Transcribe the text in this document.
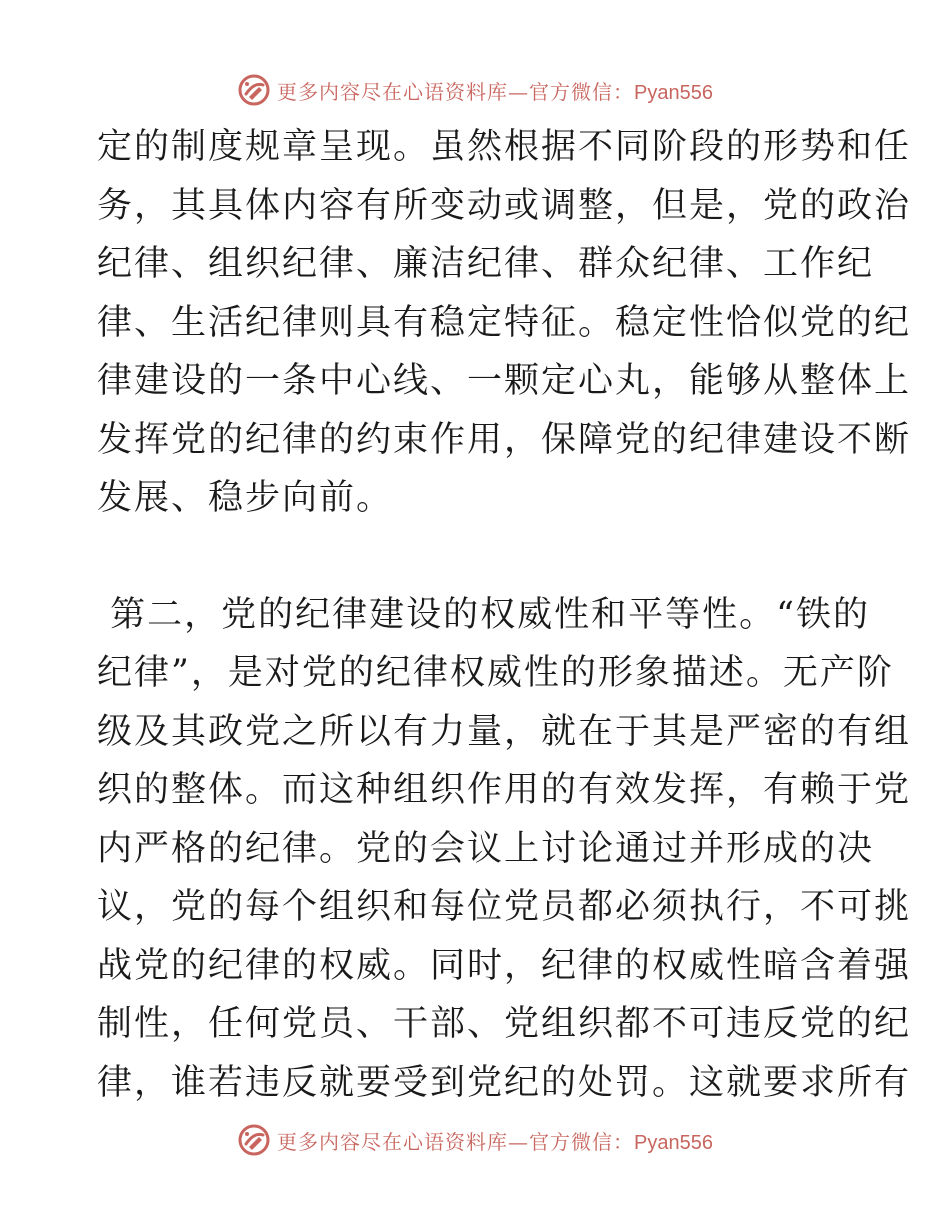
更多内容尽在心语资料库—官方微信：Pyan556
定的制度规章呈现。虽然根据不同阶段的形势和任
务，其具体内容有所变动或调整，但是，党的政治
纪律、组织纪律、廉洁纪律、群众纪律、工作纪
律、生活纪律则具有稳定特征。稳定性恰似党的纪
律建设的一条中心线、一颗定心丸，能够从整体上
发挥党的纪律的约束作用，保障党的纪律建设不断
发展、稳步向前。
第二，党的纪律建设的权威性和平等性。“铁的
纪律”，是对党的纪律权威性的形象描述。无产阶
级及其政党之所以有力量，就在于其是严密的有组
织的整体。而这种组织作用的有效发挥，有赖于党
内严格的纪律。党的会议上讨论通过并形成的决
议，党的每个组织和每位党员都必须执行，不可挑
战党的纪律的权威。同时，纪律的权威性暗含着强
制性，任何党员、干部、党组织都不可违反党的纪
律，谁若违反就要受到党纪的处罚。这就要求所有
更多内容尽在心语资料库—官方微信：Pyan556
